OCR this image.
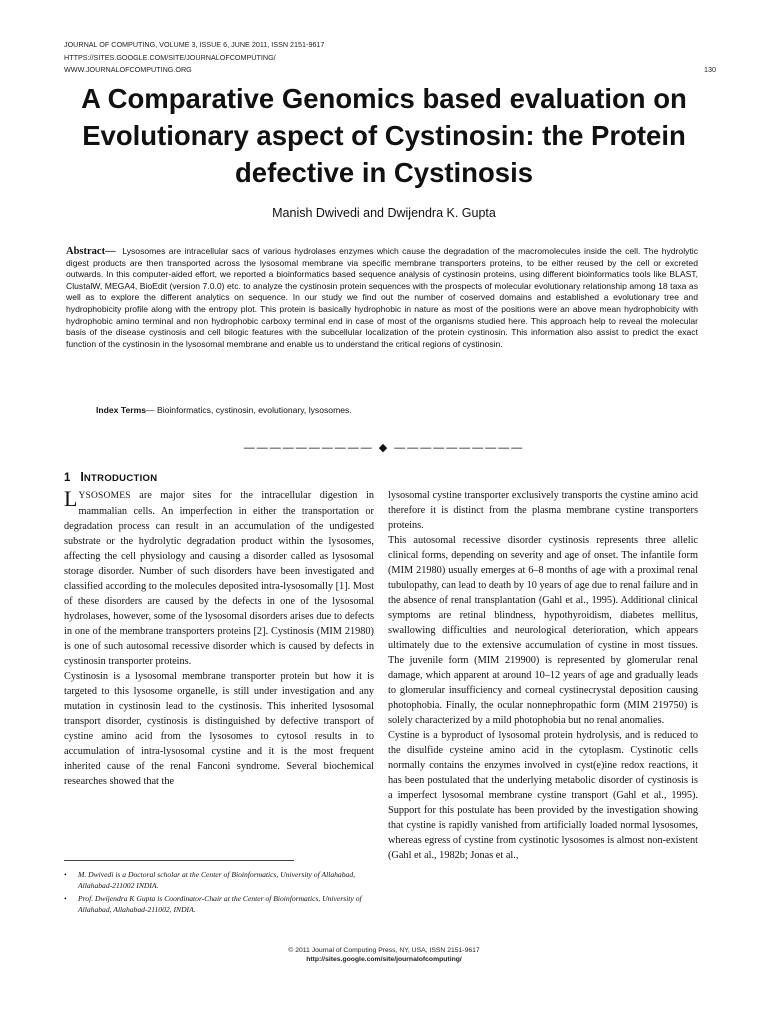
JOURNAL OF COMPUTING, VOLUME 3, ISSUE 6, JUNE 2011, ISSN 2151-9617
HTTPS://SITES.GOOGLE.COM/SITE/JOURNALOFCOMPUTING/
WWW.JOURNALOFCOMPUTING.ORG	130
A Comparative Genomics based evaluation on Evolutionary aspect of Cystinosin: the Protein defective in Cystinosis
Manish Dwivedi and Dwijendra K. Gupta

Abstract— Lysosomes are intracellular sacs of various hydrolases enzymes which cause the degradation of the macromolecules inside the cell. The hydrolytic digest products are then transported across the lysosomal membrane via specific membrane transporters proteins, to be either reused by the cell or excreted outwards. In this computer-aided effort, we reported a bioinformatics based sequence analysis of cystinosin proteins, using different bioinformatics tools like BLAST, ClustalW, MEGA4, BioEdit (version 7.0.0) etc. to analyze the cystinosin protein sequences with the prospects of molecular evolutionary relationship among 18 taxa as well as to explore the different analytics on sequence. In our study we find out the number of coserved domains and established a evolutionary tree and hydrophobicity profile along with the entropy plot. This protein is basically hydrophobic in nature as most of the positions were an above mean hydrophobicity with hydrophobic amino terminal and non hydrophobic carboxy terminal end in case of most of the organisms studied here. This approach help to reveal the molecular basis of the disease cystinosis and cell bilogic features with the subcellular localization of the protein cystinosin. This information also assist to predict the exact function of the cystinosin in the lysosomal membrane and enable us to understand the critical regions of cystinosin.

Index Terms— Bioinformatics, cystinosin, evolutionary, lysosomes.
—————————— ◆ ——————————
1 INTRODUCTION

LYSOSOMES are major sites for the intracellular digestion in mammalian cells. An imperfection in either the transportation or degradation process can result in an accumulation of the undigested substrate or the hydrolytic degradation product within the lysosomes, affecting the cell physiology and causing a disorder called as lysosomal storage disorder. Number of such disorders have been investigated and classified according to the molecules deposited intra-lysosomally [1]. Most of these disorders are caused by the defects in one of the lysosomal hydrolases, however, some of the lysosomal disorders arises due to defects in one of the membrane transporters proteins [2]. Cystinosis (MIM 21980) is one of such autosomal recessive disorder which is caused by defects in cystinosin transporter proteins.

Cystinosin is a lysosomal membrane transporter protein but how it is targeted to this lysosome organelle, is still under investigation and any mutation in cystinosin lead to the cystinosis. This inherited lysosomal transport disorder, cystinosis is distinguished by defective transport of cystine amino acid from the lysosomes to cytosol results in to accumulation of intra-lysosomal cystine and it is the most frequent inherited cause of the renal Fanconi syndrome. Several biochemical researches showed that the

lysosomal cystine transporter exclusively transports the cystine amino acid therefore it is distinct from the plasma membrane cystine transporters proteins.

This autosomal recessive disorder cystinosis represents three allelic clinical forms, depending on severity and age of onset. The infantile form (MIM 21980) usually emerges at 6–8 months of age with a proximal renal tubulopathy, can lead to death by 10 years of age due to renal failure and in the absence of renal transplantation (Gahl et al., 1995). Additional clinical symptoms are retinal blindness, hypothyroidism, diabetes mellitus, swallowing difficulties and neurological deterioration, which appears ultimately due to the extensive accumulation of cystine in most tissues. The juvenile form (MIM 219900) is represented by glomerular renal damage, which apparent at around 10–12 years of age and gradually leads to glomerular insufficiency and corneal cystinecrystal deposition causing photophobia. Finally, the ocular nonnephropathic form (MIM 219750) is solely characterized by a mild photophobia but no renal anomalies.

Cystine is a byproduct of lysosomal protein hydrolysis, and is reduced to the disulfide cysteine amino acid in the cytoplasm. Cystinotic cells normally contains the enzymes involved in cyst(e)ine redox reactions, it has been postulated that the underlying metabolic disorder of cystinosis is a imperfect lysosomal membrane cystine transport (Gahl et al., 1995). Support for this postulate has been provided by the investigation showing that cystine is rapidly vanished from artificially loaded normal lysosomes, whereas egress of cystine from cystinotic lysosomes is almost non-existent (Gahl et al., 1982b; Jonas et al.,

• M. Dwivedi is a Doctoral scholar at the Center of Bioinformatics, University of Allahabad, Allahabad-211002 INDIA.
• Prof. Dwijendra K Gupta is Coordinator-Chair at the Center of Bioinformatics, University of Allahabad, Allahabad-211002, INDIA.
© 2011 Journal of Computing Press, NY, USA, ISSN 2151-9617
http://sites.google.com/site/journalofcomputing/
